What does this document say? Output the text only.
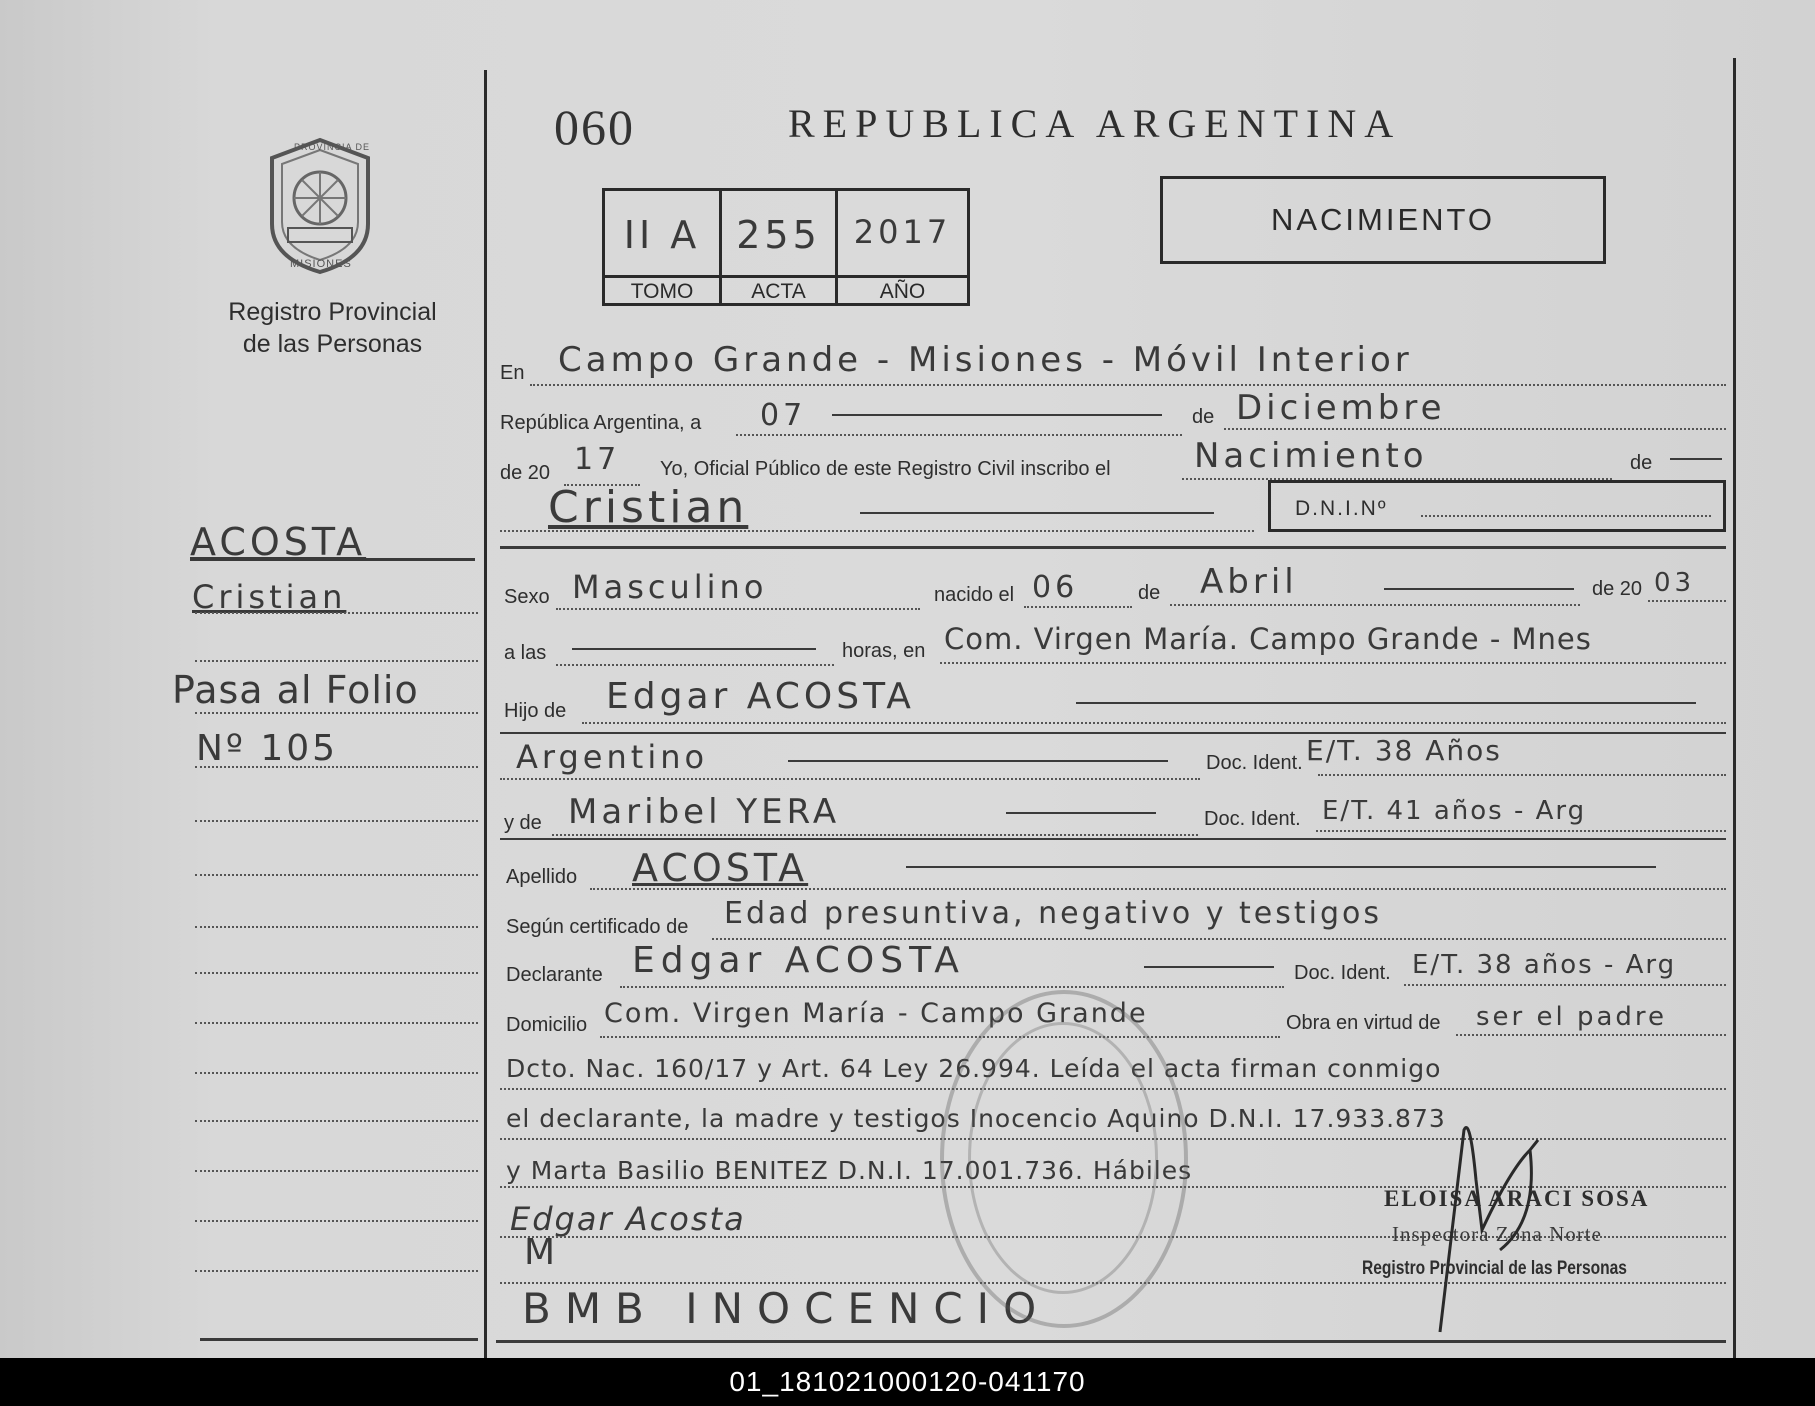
PROVINCIA DE
MISIONES
Registro Provincial
de las Personas
ACOSTA
Cristian
Pasa al Folio
Nº 105
060	REPUBLICA ARGENTINA
II A
TOMO
255
ACTA
2017
AÑO
NACIMIENTO
En Campo Grande - Misiones - Móvil Interior
República Argentina, a 07	de Diciembre
de 20 17 Yo, Oficial Público de este Registro Civil inscribo el Nacimiento	de
Cristian	D.N.I.Nº
Sexo Masculino	nacido el 06	de Abril	de 20 03
a las	horas, en Com. Virgen María. Campo Grande - Mnes
Hijo de Edgar ACOSTA
Argentino	Doc. Ident. E/T. 38 Años
y de Maribel YERA	Doc. Ident. E/T. 41 años - Arg
Apellido ACOSTA
Según certificado de Edad presuntiva, negativo y testigos
Declarante Edgar ACOSTA	Doc. Ident. E/T. 38 años - Arg
Domicilio Com. Virgen María - Campo Grande	Obra en virtud de ser el padre
Dcto. Nac. 160/17 y Art. 64 Ley 26.994. Leída el acta firman conmigo
el declarante, la madre y testigos Inocencio Aquino D.N.I. 17.933.873
y Marta Basilio BENITEZ D.N.I. 17.001.736. Hábiles
Edgar Acosta
M
BMB INOCENCIO
ELOISA ARACI SOSA
Inspectora Zona Norte
Registro Provincial de las Personas
01_181021000120-041170
